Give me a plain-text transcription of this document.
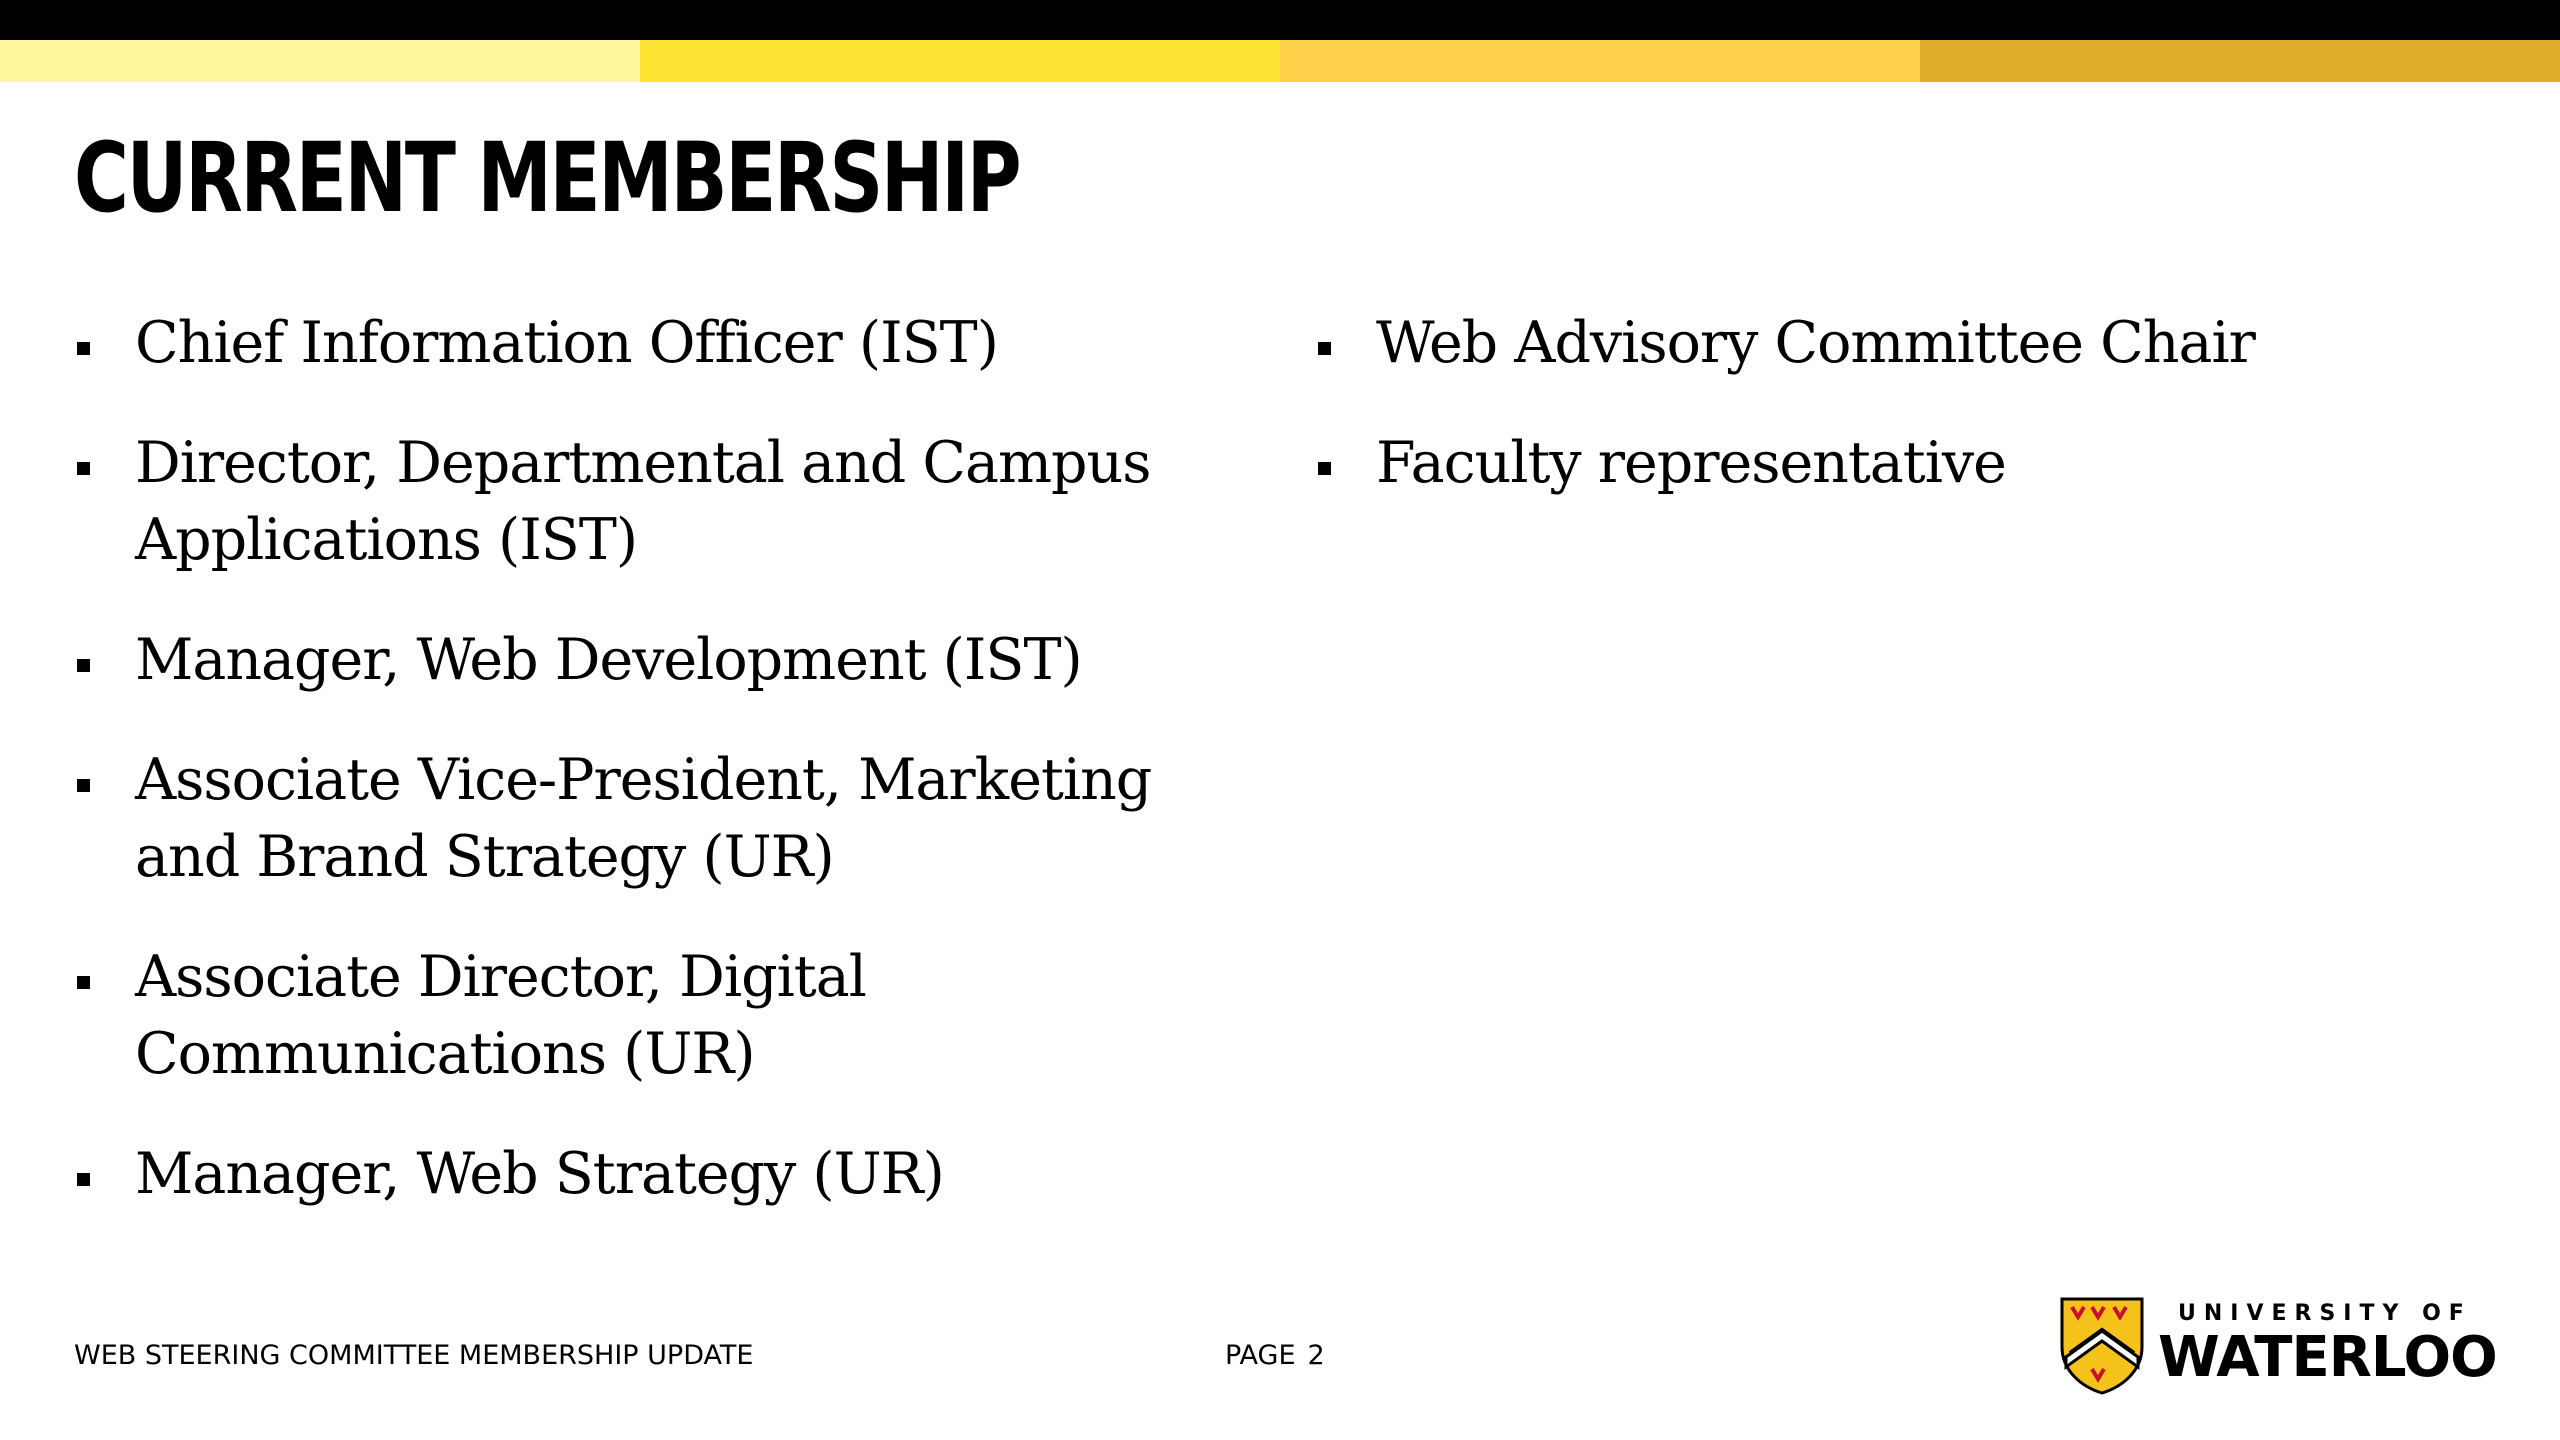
CURRENT MEMBERSHIP
Chief Information Officer (IST)
Director, Departmental and Campus Applications (IST)
Manager, Web Development (IST)
Associate Vice-President, Marketing and Brand Strategy (UR)
Associate Director, Digital Communications (UR)
Manager, Web Strategy (UR)
Web Advisory Committee Chair
Faculty representative
WEB STEERING COMMITTEE MEMBERSHIP UPDATE	PAGE 2
UNIVERSITY OF
WATERLOO
